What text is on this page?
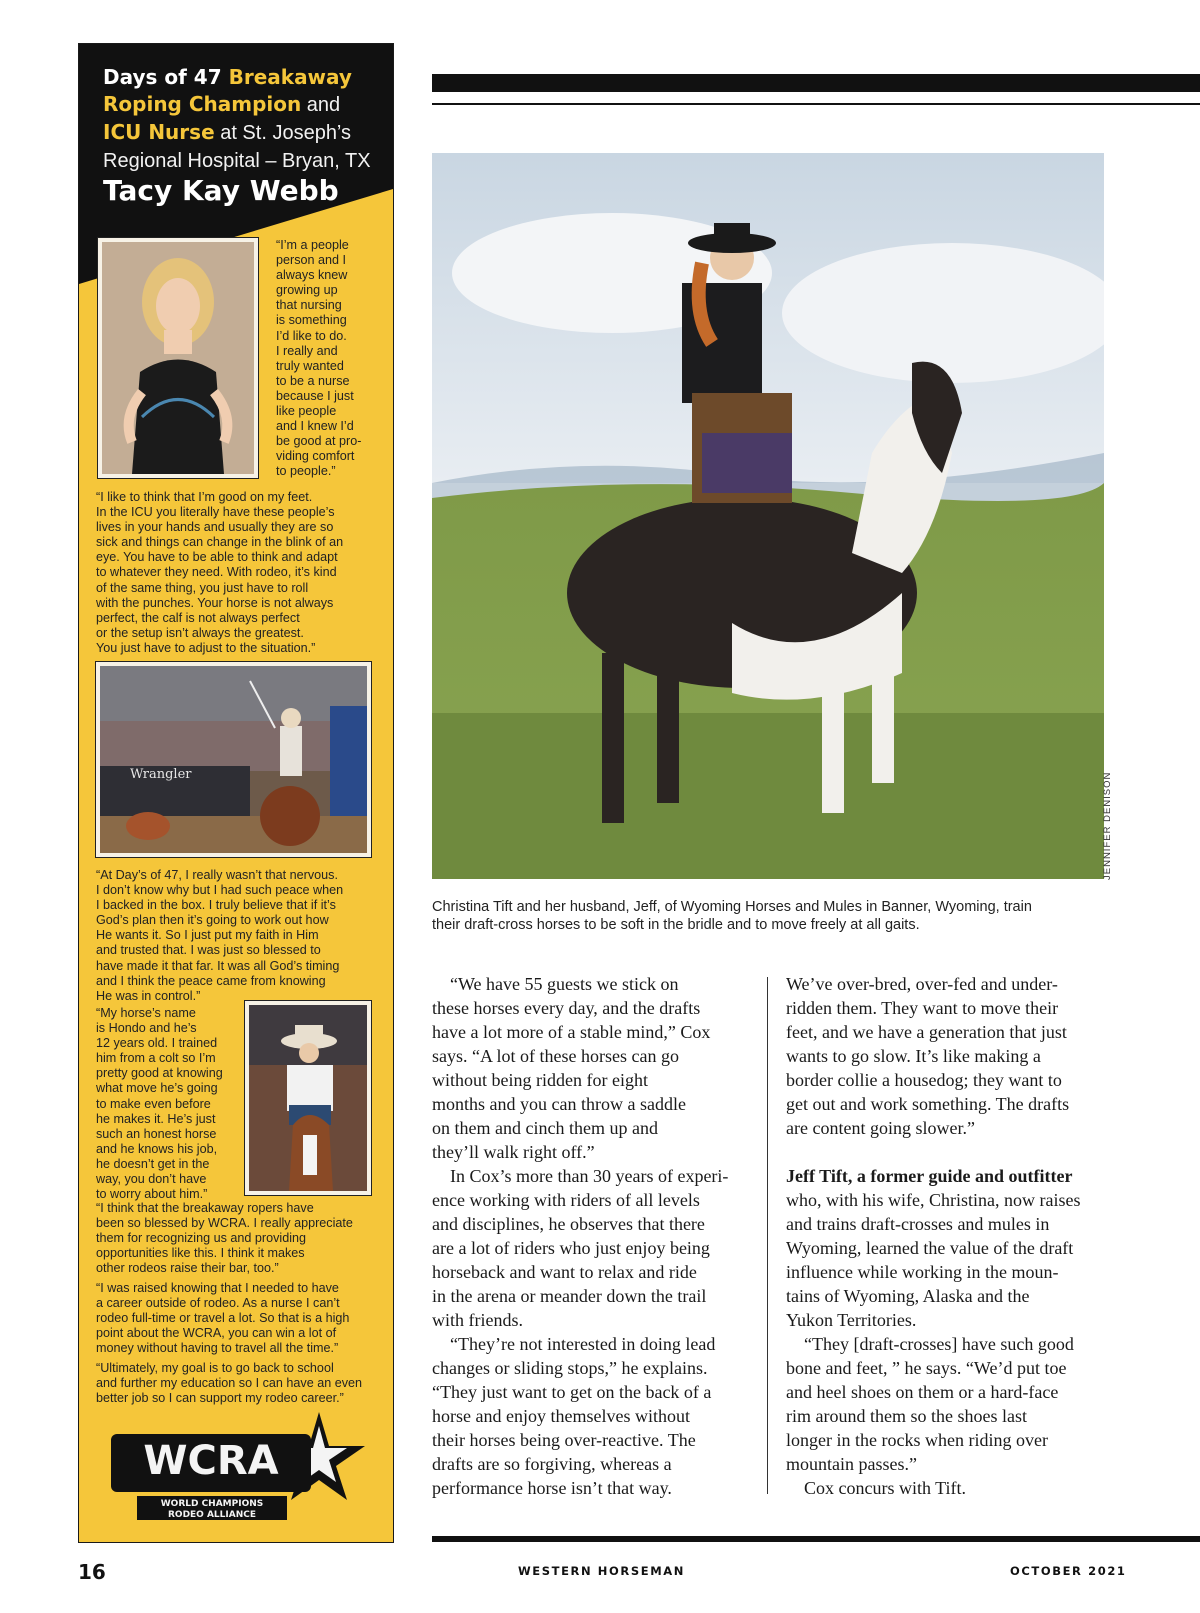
Days of 47 Breakaway
Roping Champion and
ICU Nurse at St. Joseph’s
Regional Hospital – Bryan, TX
Tacy Kay Webb
“I’m a people
person and I
always knew
growing up
that nursing
is something
I’d like to do.
I really and
truly wanted
to be a nurse
because I just
like people
and I knew I’d
be good at pro-
viding comfort
to people.”
“I like to think that I’m good on my feet.
In the ICU you literally have these people’s
lives in your hands and usually they are so
sick and things can change in the blink of an
eye. You have to be able to think and adapt
to whatever they need. With rodeo, it’s kind
of the same thing, you just have to roll
with the punches. Your horse is not always
perfect, the calf is not always perfect
or the setup isn’t always the greatest.
You just have to adjust to the situation.”
Wrangler
“At Day’s of 47, I really wasn’t that nervous.
I don’t know why but I had such peace when
I backed in the box. I truly believe that if it’s
God’s plan then it’s going to work out how
He wants it. So I just put my faith in Him
and trusted that. I was just so blessed to
have made it that far. It was all God’s timing
and I think the peace came from knowing
He was in control.”
“My horse’s name
is Hondo and he’s
12 years old. I trained
him from a colt so I’m
pretty good at knowing
what move he’s going
to make even before
he makes it. He’s just
such an honest horse
and he knows his job,
he doesn’t get in the
way, you don’t have
to worry about him.”
“I think that the breakaway ropers have
been so blessed by WCRA. I really appreciate
them for recognizing us and providing
opportunities like this. I think it makes
other rodeos raise their bar, too.”
“I was raised knowing that I needed to have
a career outside of rodeo. As a nurse I can’t
rodeo full-time or travel a lot. So that is a high
point about the WCRA, you can win a lot of
money without having to travel all the time.”
“Ultimately, my goal is to go back to school
and further my education so I can have an even
better job so I can support my rodeo career.”
WCRA
WORLD CHAMPIONS
RODEO ALLIANCE
JENNIFER DENISON
Christina Tift and her husband, Jeff, of Wyoming Horses and Mules in Banner, Wyoming, train
their draft-cross horses to be soft in the bridle and to move freely at all gaits.
“We have 55 guests we stick on
these horses every day, and the drafts
have a lot more of a stable mind,” Cox
says. “A lot of these horses can go
without being ridden for eight
months and you can throw a saddle
on them and cinch them up and
they’ll walk right off.”
In Cox’s more than 30 years of experi-
ence working with riders of all levels
and disciplines, he observes that there
are a lot of riders who just enjoy being
horseback and want to relax and ride
in the arena or meander down the trail
with friends.
“They’re not interested in doing lead
changes or sliding stops,” he explains.
“They just want to get on the back of a
horse and enjoy themselves without
their horses being over-reactive. The
drafts are so forgiving, whereas a
performance horse isn’t that way.
We’ve over-bred, over-fed and under-
ridden them. They want to move their
feet, and we have a generation that just
wants to go slow. It’s like making a
border collie a housedog; they want to
get out and work something. The drafts
are content going slower.”
Jeff Tift, a former guide and outfitter
who, with his wife, Christina, now raises
and trains draft-crosses and mules in
Wyoming, learned the value of the draft
influence while working in the moun-
tains of Wyoming, Alaska and the
Yukon Territories.
“They [draft-crosses] have such good
bone and feet, ” he says. “We’d put toe
and heel shoes on them or a hard-face
rim around them so the shoes last
longer in the rocks when riding over
mountain passes.”
Cox concurs with Tift.
16	WESTERN HORSEMAN	OCTOBER 2021
